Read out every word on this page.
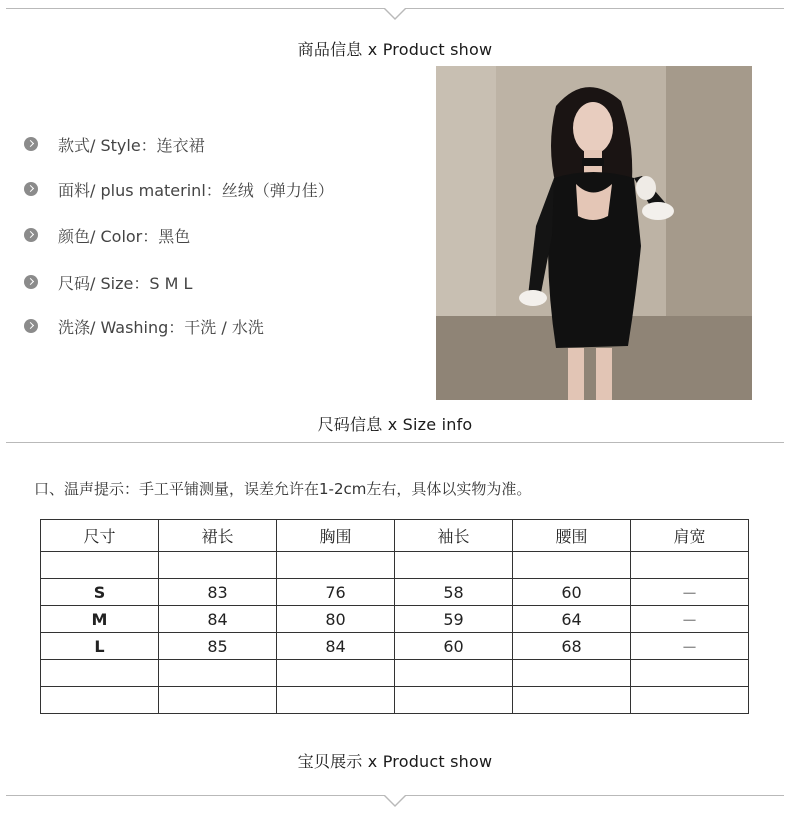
商品信息 x Product show
款式/ Style：连衣裙
面料/ plus materinl：丝绒（弹力佳）
颜色/ Color：黑色
尺码/ Size：S M L
洗涤/ Washing：干洗 / 水洗
尺码信息 x Size info
口、温声提示：手工平铺测量，误差允许在1-2cm左右，具体以实物为准。
尺寸	裙长	胸围	袖长	腰围	肩宽

S	83	76	58	60	－
M	84	80	59	64	－
L	85	84	60	68	－

宝贝展示 x Product show
